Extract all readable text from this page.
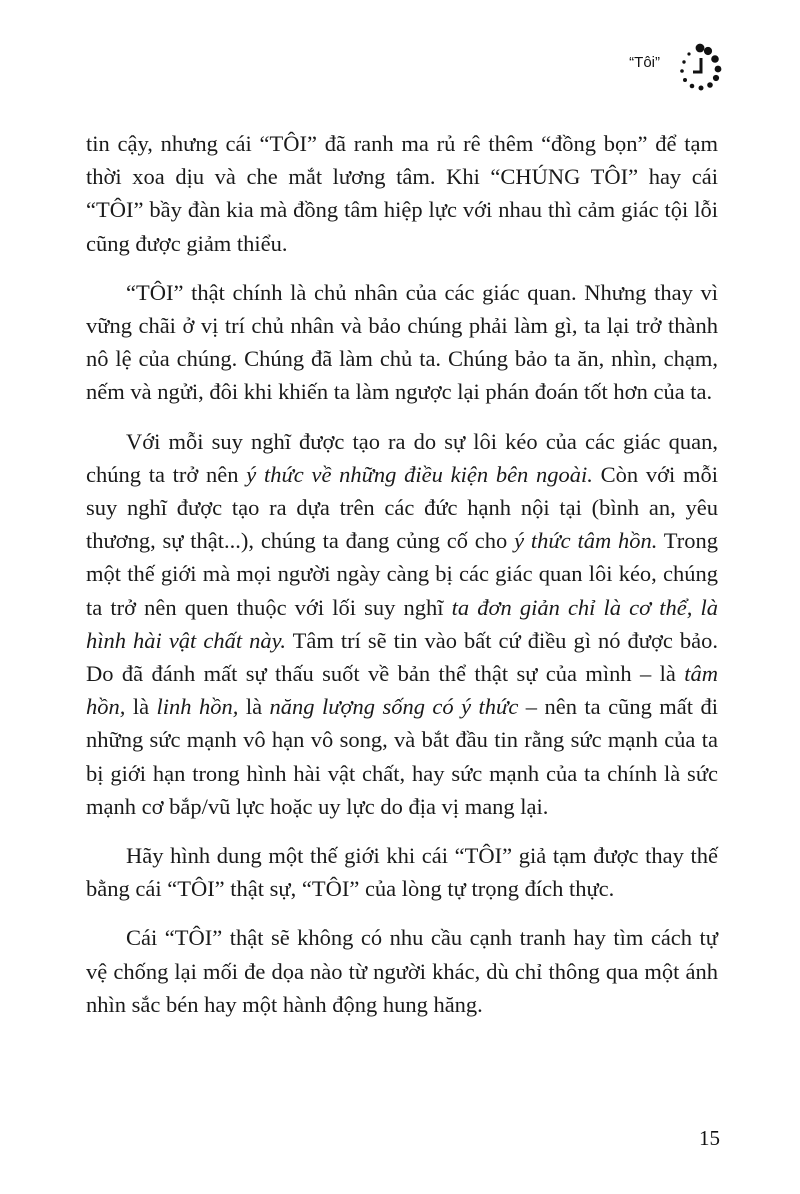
“Tôi”

tin cậy, nhưng cái “TÔI” đã ranh ma rủ rê thêm “đồng bọn” để tạm thời xoa dịu và che mắt lương tâm. Khi “CHÚNG TÔI” hay cái “TÔI” bầy đàn kia mà đồng tâm hiệp lực với nhau thì cảm giác tội lỗi cũng được giảm thiểu.

“TÔI” thật chính là chủ nhân của các giác quan. Nhưng thay vì vững chãi ở vị trí chủ nhân và bảo chúng phải làm gì, ta lại trở thành nô lệ của chúng. Chúng đã làm chủ ta. Chúng bảo ta ăn, nhìn, chạm, nếm và ngửi, đôi khi khiến ta làm ngược lại phán đoán tốt hơn của ta.

Với mỗi suy nghĩ được tạo ra do sự lôi kéo của các giác quan, chúng ta trở nên ý thức về những điều kiện bên ngoài. Còn với mỗi suy nghĩ được tạo ra dựa trên các đức hạnh nội tại (bình an, yêu thương, sự thật...), chúng ta đang củng cố cho ý thức tâm hồn. Trong một thế giới mà mọi người ngày càng bị các giác quan lôi kéo, chúng ta trở nên quen thuộc với lối suy nghĩ ta đơn giản chỉ là cơ thể, là hình hài vật chất này. Tâm trí sẽ tin vào bất cứ điều gì nó được bảo. Do đã đánh mất sự thấu suốt về bản thể thật sự của mình – là tâm hồn, là linh hồn, là năng lượng sống có ý thức – nên ta cũng mất đi những sức mạnh vô hạn vô song, và bắt đầu tin rằng sức mạnh của ta bị giới hạn trong hình hài vật chất, hay sức mạnh của ta chính là sức mạnh cơ bắp/vũ lực hoặc uy lực do địa vị mang lại.

Hãy hình dung một thế giới khi cái “TÔI” giả tạm được thay thế bằng cái “TÔI” thật sự, “TÔI” của lòng tự trọng đích thực.

Cái “TÔI” thật sẽ không có nhu cầu cạnh tranh hay tìm cách tự vệ chống lại mối đe dọa nào từ người khác, dù chỉ thông qua một ánh nhìn sắc bén hay một hành động hung hăng.

15
